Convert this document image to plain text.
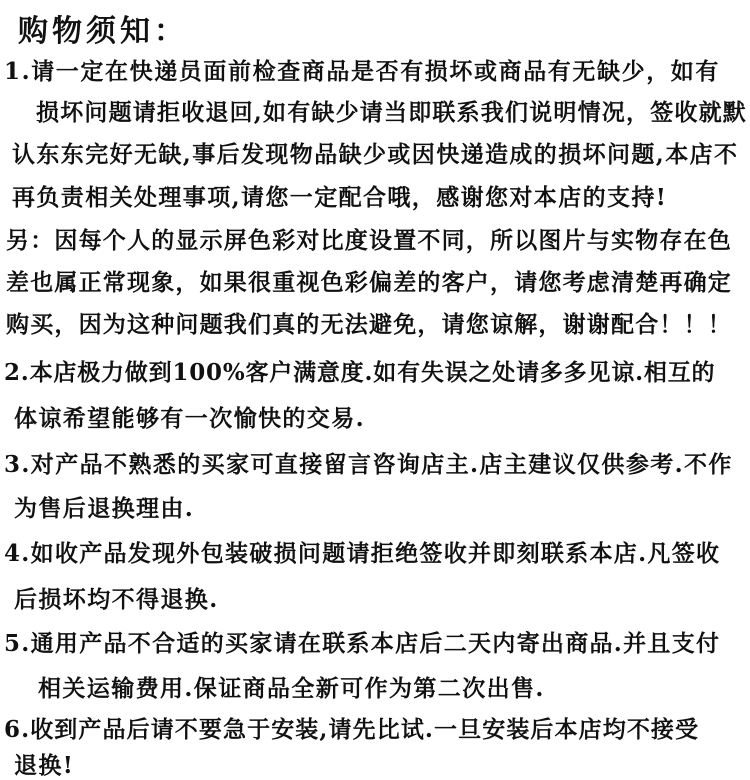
购物须知：
1.请一定在快递员面前检查商品是否有损坏或商品有无缺少，如有
损坏问题请拒收退回,如有缺少请当即联系我们说明情况，签收就默
认东东完好无缺,事后发现物品缺少或因快递造成的损坏问题,本店不
再负责相关处理事项,请您一定配合哦，感谢您对本店的支持!
另：因每个人的显示屏色彩对比度设置不同，所以图片与实物存在色
差也属正常现象，如果很重视色彩偏差的客户，请您考虑清楚再确定
购买，因为这种问题我们真的无法避免，请您谅解，谢谢配合！！！
2.本店极力做到100%客户满意度.如有失误之处请多多见谅.相互的
体谅希望能够有一次愉快的交易.
3.对产品不熟悉的买家可直接留言咨询店主.店主建议仅供参考.不作
为售后退换理由.
4.如收产品发现外包装破损问题请拒绝签收并即刻联系本店.凡签收
后损坏均不得退换.
5.通用产品不合适的买家请在联系本店后二天内寄出商品.并且支付
相关运输费用.保证商品全新可作为第二次出售.
6.收到产品后请不要急于安装,请先比试.一旦安装后本店均不接受
退换!
